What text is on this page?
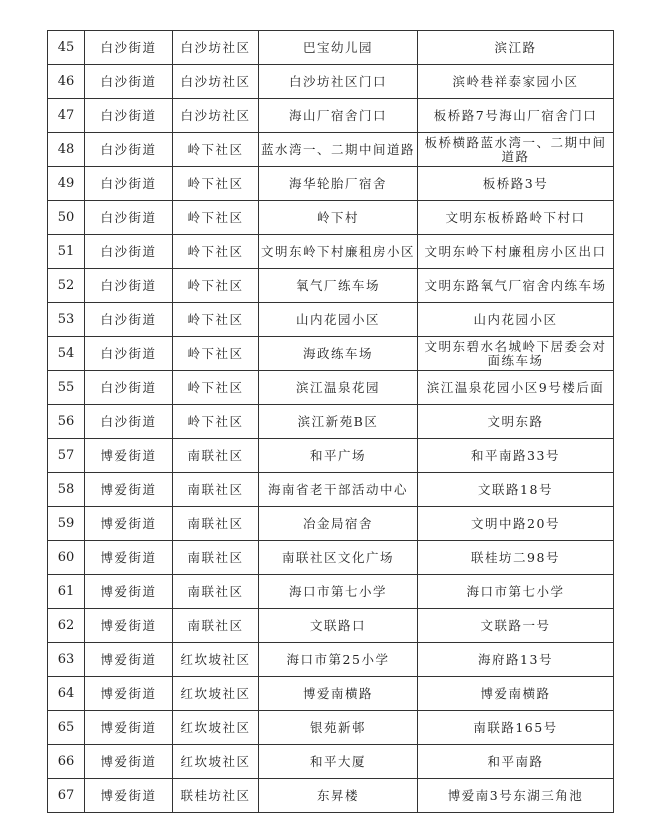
45	白沙街道	白沙坊社区	巴宝幼儿园	滨江路
46	白沙街道	白沙坊社区	白沙坊社区门口	滨岭巷祥泰家园小区
47	白沙街道	白沙坊社区	海山厂宿舍门口	板桥路7号海山厂宿舍门口
48	白沙街道	岭下社区	蓝水湾一、二期中间道路	板桥横路蓝水湾一、二期中间道路
49	白沙街道	岭下社区	海华轮胎厂宿舍	板桥路3号
50	白沙街道	岭下社区	岭下村	文明东板桥路岭下村口
51	白沙街道	岭下社区	文明东岭下村廉租房小区	文明东岭下村廉租房小区出口
52	白沙街道	岭下社区	氧气厂练车场	文明东路氧气厂宿舍内练车场
53	白沙街道	岭下社区	山内花园小区	山内花园小区
54	白沙街道	岭下社区	海政练车场	文明东碧水名城岭下居委会对面练车场
55	白沙街道	岭下社区	滨江温泉花园	滨江温泉花园小区9号楼后面
56	白沙街道	岭下社区	滨江新苑B区	文明东路
57	博爱街道	南联社区	和平广场	和平南路33号
58	博爱街道	南联社区	海南省老干部活动中心	文联路18号
59	博爱街道	南联社区	冶金局宿舍	文明中路20号
60	博爱街道	南联社区	南联社区文化广场	联桂坊二98号
61	博爱街道	南联社区	海口市第七小学	海口市第七小学
62	博爱街道	南联社区	文联路口	文联路一号
63	博爱街道	红坎坡社区	海口市第25小学	海府路13号
64	博爱街道	红坎坡社区	博爱南横路	博爱南横路
65	博爱街道	红坎坡社区	银苑新邨	南联路165号
66	博爱街道	红坎坡社区	和平大厦	和平南路
67	博爱街道	联桂坊社区	东昇楼	博爱南3号东湖三角池
